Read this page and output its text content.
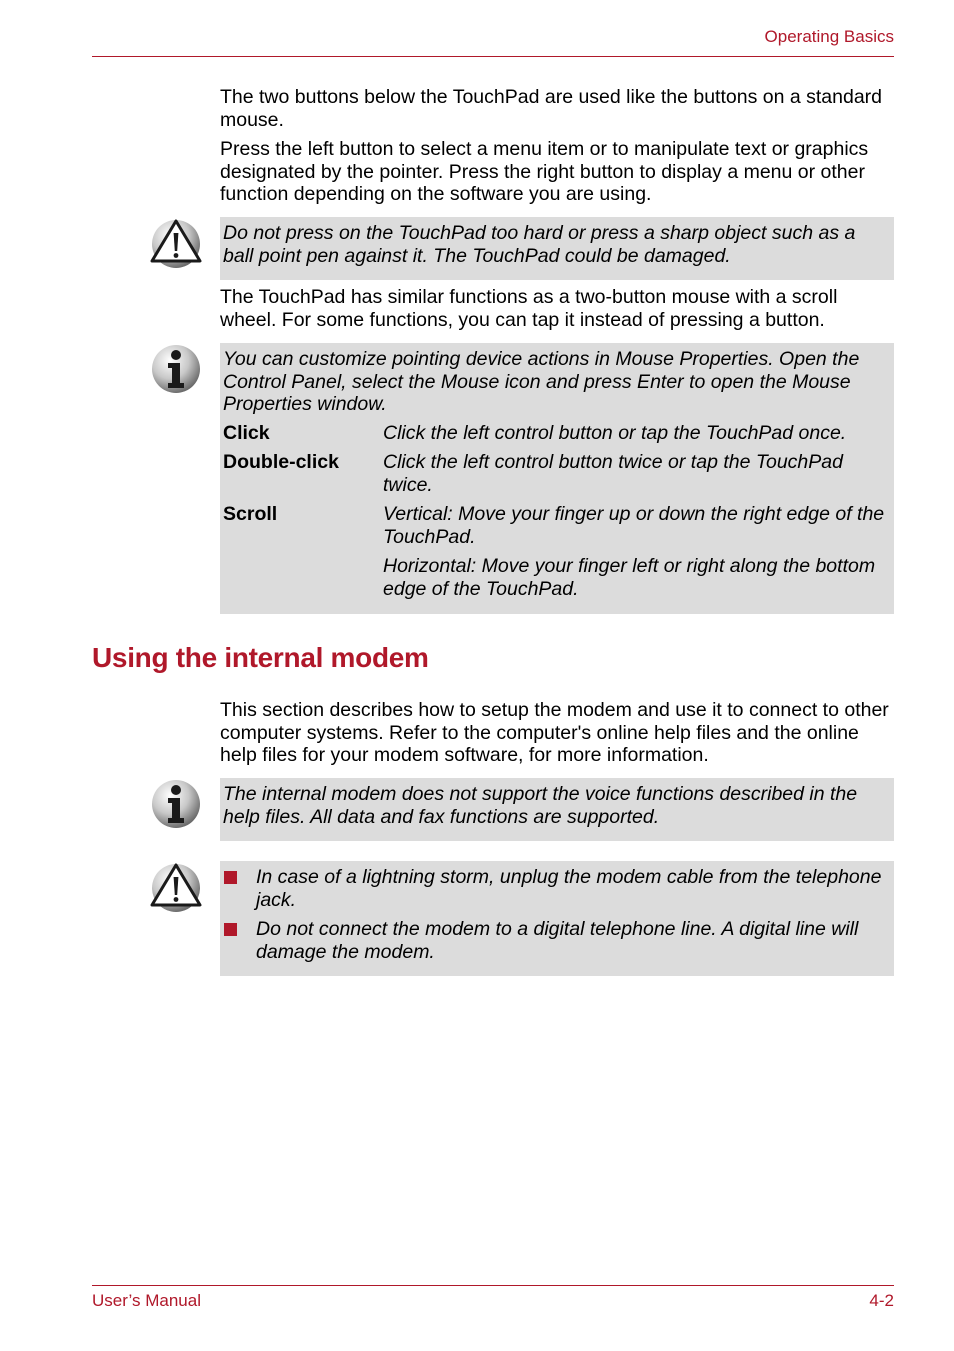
Operating Basics

The two buttons below the TouchPad are used like the buttons on a standard mouse.

Press the left button to select a menu item or to manipulate text or graphics designated by the pointer. Press the right button to display a menu or other function depending on the software you are using.

Do not press on the TouchPad too hard or press a sharp object such as a ball point pen against it. The TouchPad could be damaged.

The TouchPad has similar functions as a two-button mouse with a scroll wheel. For some functions, you can tap it instead of pressing a button.

You can customize pointing device actions in Mouse Properties. Open the Control Panel, select the Mouse icon and press Enter to open the Mouse Properties window.

Click	Click the left control button or tap the TouchPad once.

Double-click	Click the left control button twice or tap the TouchPad twice.

Scroll	Vertical: Move your finger up or down the right edge of the TouchPad.

Horizontal: Move your finger left or right along the bottom edge of the TouchPad.

Using the internal modem

This section describes how to setup the modem and use it to connect to other computer systems. Refer to the computer's online help files and the online help files for your modem software, for more information.

The internal modem does not support the voice functions described in the help files. All data and fax functions are supported.

In case of a lightning storm, unplug the modem cable from the telephone jack.

Do not connect the modem to a digital telephone line. A digital line will damage the modem.

User’s Manual	4-2
